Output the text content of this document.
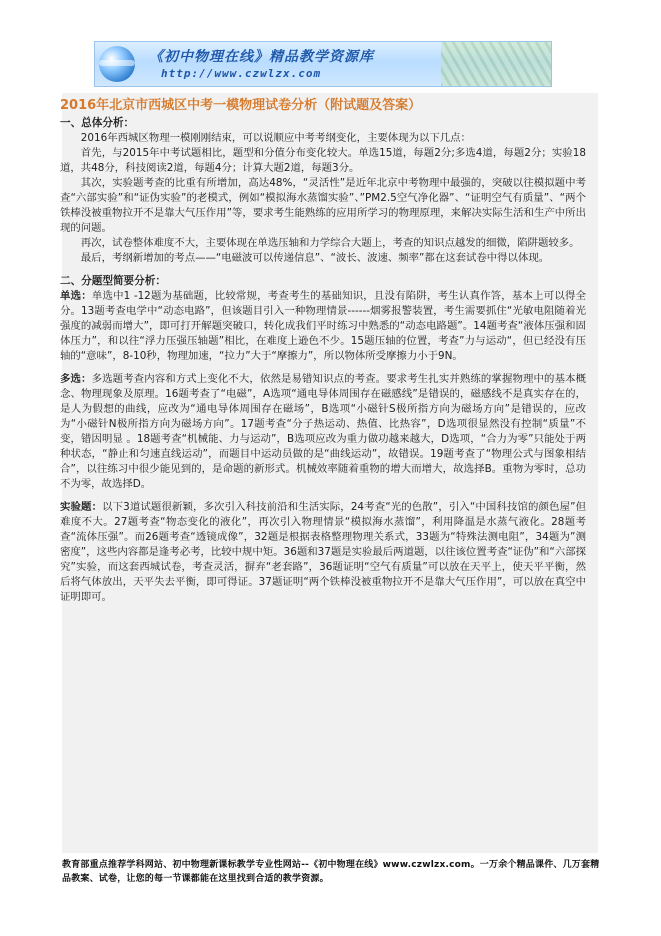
《初中物理在线》精品教学资源库
http://www.czwlzx.com

2016年北京市西城区中考一模物理试卷分析（附试题及答案）

一、总体分析：

2016年西城区物理一模刚刚结束，可以说顺应中考考纲变化，主要体现为以下几点：

首先，与2015年中考试题相比，题型和分值分布变化较大。单选15道，每题2分;多选4道，每题2分；实验18道，共48分，科技阅读2道，每题4分；计算大题2道，每题3分。

其次，实验题考查的比重有所增加，高达48%，“灵活性”是近年北京中考物理中最强的，突破以往模拟题中考查“六部实验”和“证伪实验”的老模式，例如“模拟海水蒸馏实验”、”PM2.5空气净化器”、“证明空气有质量”、“两个铁棒没被重物拉开不是靠大气压作用”等，要求考生能熟练的应用所学习的物理原理，来解决实际生活和生产中所出现的问题。

再次，试卷整体难度不大，主要体现在单选压轴和力学综合大题上，考查的知识点越发的细微，陷阱题较多。

最后，考纲新增加的考点——“电磁波可以传递信息”、“波长、波速、频率”都在这套试卷中得以体现。

二、分题型简要分析：

单选：单选中1 -12题为基础题，比较常规，考查考生的基础知识，且没有陷阱，考生认真作答，基本上可以得全分。13题考查电学中“动态电路”，但该题目引入一种物理情景------烟雾报警装置，考生需要抓住“光敏电阻随着光强度的减弱而增大”，即可打开解题突破口，转化成我们平时练习中熟悉的“动态电路题”。14题考查“液体压强和固体压力”，和以往“浮力压强压轴题”相比，在难度上逊色不少。15题压轴的位置，考查”力与运动“，但已经没有压轴的“意味”，8-10秒，物理加速，“拉力”大于“摩擦力”，所以物体所受摩擦力小于9N。

多选：多选题考查内容和方式上变化不大，依然是易错知识点的考查。要求考生扎实并熟练的掌握物理中的基本概念、物理现象及原理。16题考查了“电磁”，A选项“通电导体周围存在磁感线”是错误的，磁感线不是真实存在的，是人为假想的曲线，应改为“通电导体周围存在磁场”，B选项“小磁针S极所指方向为磁场方向”是错误的，应改为“小磁针N极所指方向为磁场方向”。17题考查“分子热运动、热值、比热容”，D选项很显然没有控制“质量”不变，错因明显 。18题考查“机械能、力与运动”，B选项应改为重力做功越来越大，D选项，“合力为零”只能处于两种状态，“静止和匀速直线运动”，而题目中运动员做的是“曲线运动”，故错误。19题考查了“物理公式与图象相结合”，以往练习中很少能见到的，是命题的新形式。机械效率随着重物的增大而增大，故选择B。重物为零时，总功不为零，故选择D。

实验题：以下3道试题很新颖，多次引入科技前沿和生活实际，24考查“光的色散”，引入“中国科技馆的颜色屋”但难度不大。27题考查“物态变化的液化”，再次引入物理情景“模拟海水蒸馏”，利用降温是水蒸气液化。28题考查“流体压强”。而26题考查“透镜成像”，32题是根据表格整理物理关系式，33题为“特殊法测电阻”，34题为”测密度”，这些内容都是逢考必考，比较中规中矩。36题和37题是实验最后两道题，以往该位置考查“证伪”和“六部探究”实验，而这套西城试卷，考查灵活，摒弃“老套路”，36题证明“空气有质量”可以放在天平上，使天平平衡，然后将气体放出，天平失去平衡，即可得证。37题证明“两个铁棒没被重物拉开不是靠大气压作用”，可以放在真空中证明即可。

教育部重点推荐学科网站、初中物理新课标教学专业性网站--《初中物理在线》www.czwlzx.com。一万余个精品课件、几万套精品教案、试卷，让您的每一节课都能在这里找到合适的教学资源。
